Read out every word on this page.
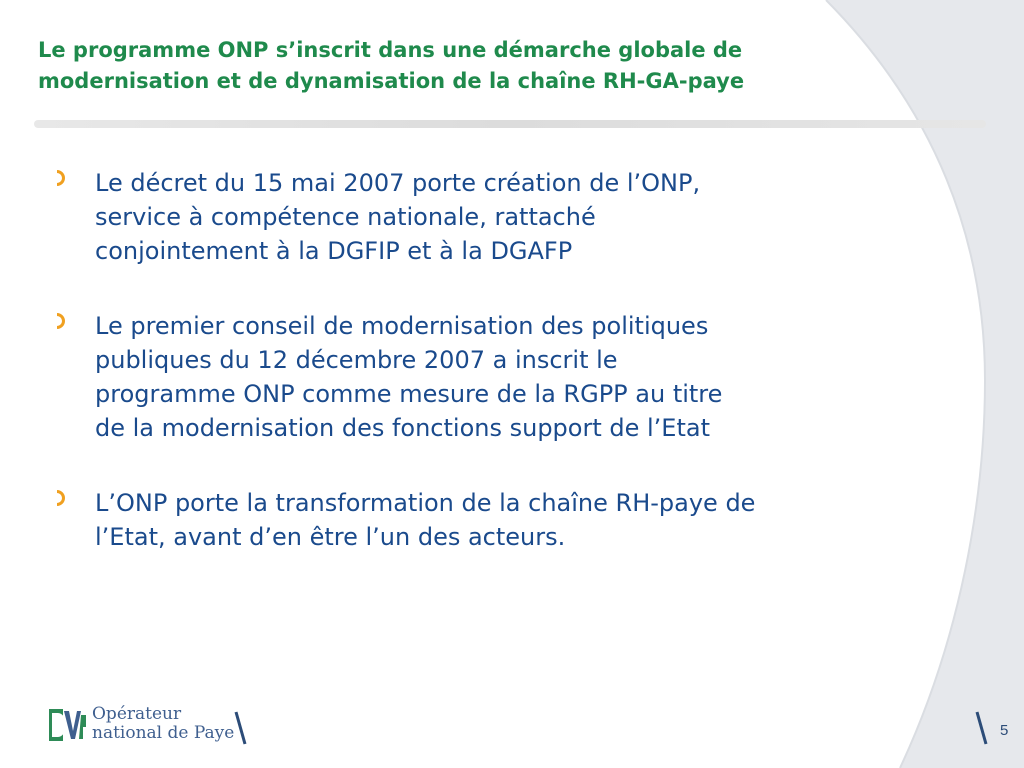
Le programme ONP s’inscrit dans une démarche globale de
modernisation et de dynamisation de la chaîne RH-GA-paye
Le décret du 15 mai 2007 porte création de l’ONP,
service à compétence nationale, rattaché
conjointement à la DGFIP et à la DGAFP
Le premier conseil de modernisation des politiques
publiques du 12 décembre 2007 a inscrit le
programme ONP comme mesure de la RGPP au titre
de la modernisation des fonctions support de l’Etat
L’ONP porte la transformation de la chaîne RH-paye de
l’Etat, avant d’en être l’un des acteurs.
Opérateur
national de Paye	5
